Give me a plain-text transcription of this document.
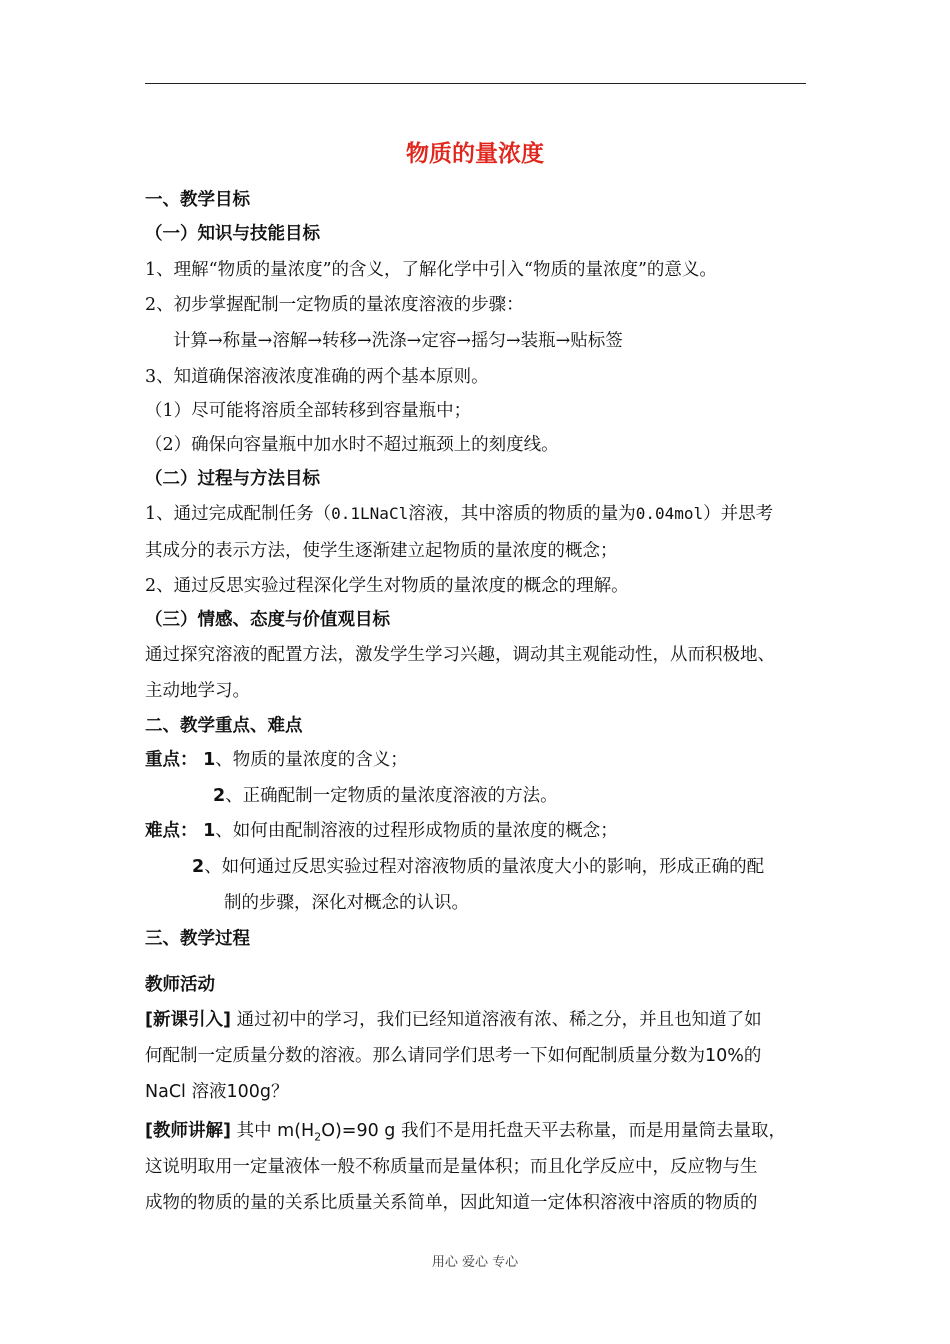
物质的量浓度
一、教学目标
（一）知识与技能目标
1、理解“物质的量浓度”的含义，了解化学中引入“物质的量浓度”的意义。
2、初步掌握配制一定物质的量浓度溶液的步骤：
计算→称量→溶解→转移→洗涤→定容→摇匀→装瓶→贴标签
3、知道确保溶液浓度准确的两个基本原则。
（1）尽可能将溶质全部转移到容量瓶中；
（2）确保向容量瓶中加水时不超过瓶颈上的刻度线。
（二）过程与方法目标
1、通过完成配制任务（0.1LNaCl溶液，其中溶质的物质的量为0.04mol）并思考
其成分的表示方法，使学生逐渐建立起物质的量浓度的概念；
2、通过反思实验过程深化学生对物质的量浓度的概念的理解。
（三）情感、态度与价值观目标
通过探究溶液的配置方法，激发学生学习兴趣，调动其主观能动性，从而积极地、
主动地学习。
二、教学重点、难点
重点： 1、物质的量浓度的含义；
2、正确配制一定物质的量浓度溶液的方法。
难点： 1、如何由配制溶液的过程形成物质的量浓度的概念；
2、如何通过反思实验过程对溶液物质的量浓度大小的影响，形成正确的配
制的步骤，深化对概念的认识。
三、教学过程
教师活动
[新课引入] 通过初中的学习，我们已经知道溶液有浓、稀之分，并且也知道了如
何配制一定质量分数的溶液。那么请同学们思考一下如何配制质量分数为10%的
NaCl 溶液100g？
[教师讲解] 其中 $m(H_2O)=90$ g 我们不是用托盘天平去称量，而是用量筒去量取，
这说明取用一定量液体一般不称质量而是量体积；而且化学反应中，反应物与生
成物的物质的量的关系比质量关系简单，因此知道一定体积溶液中溶质的物质的
用心 爱心 专心
